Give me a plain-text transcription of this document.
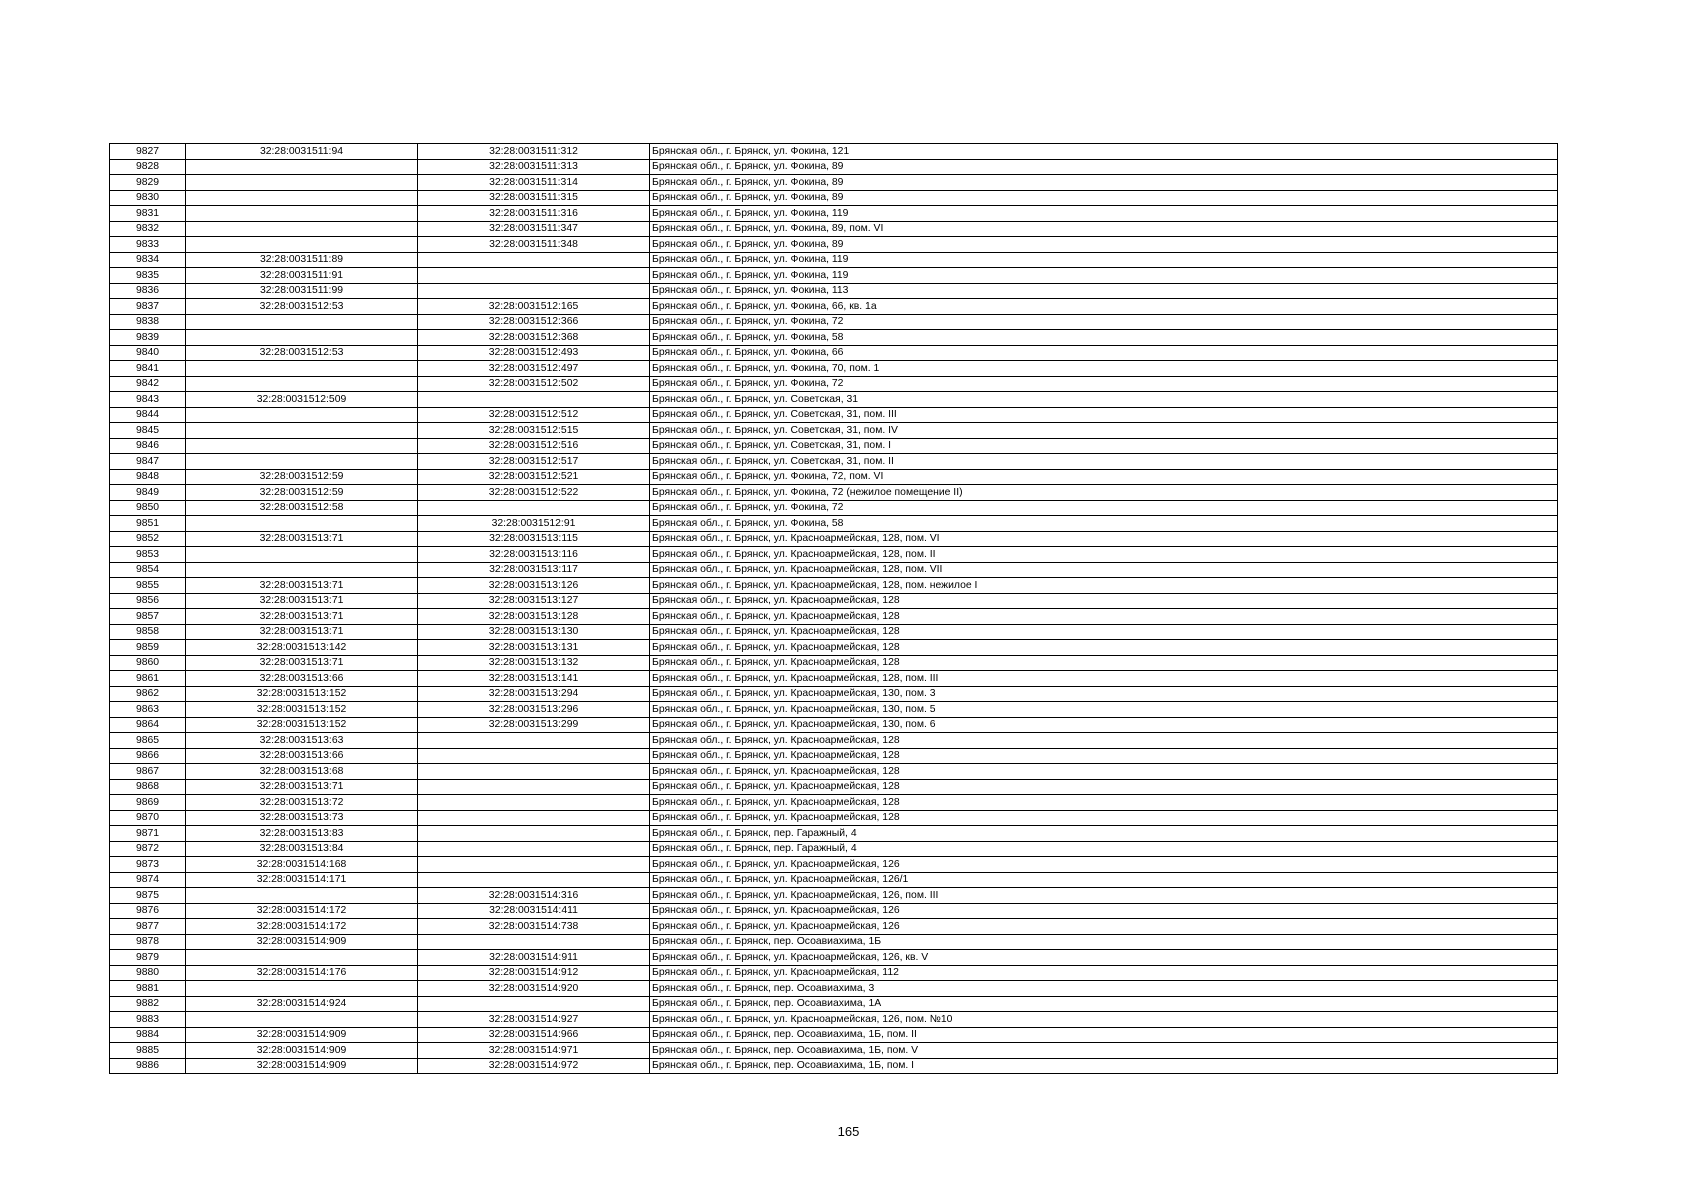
9827	32:28:0031511:94	32:28:0031511:312	Брянская обл., г. Брянск, ул. Фокина, 121
9828		32:28:0031511:313	Брянская обл., г. Брянск, ул. Фокина, 89
9829		32:28:0031511:314	Брянская обл., г. Брянск, ул. Фокина, 89
9830		32:28:0031511:315	Брянская обл., г. Брянск, ул. Фокина, 89
9831		32:28:0031511:316	Брянская обл., г. Брянск, ул. Фокина, 119
9832		32:28:0031511:347	Брянская обл., г. Брянск, ул. Фокина, 89, пом. VI
9833		32:28:0031511:348	Брянская обл., г. Брянск, ул. Фокина, 89
9834	32:28:0031511:89		Брянская обл., г. Брянск, ул. Фокина, 119
9835	32:28:0031511:91		Брянская обл., г. Брянск, ул. Фокина, 119
9836	32:28:0031511:99		Брянская обл., г. Брянск, ул. Фокина, 113
9837	32:28:0031512:53	32:28:0031512:165	Брянская обл., г. Брянск, ул. Фокина, 66, кв. 1а
9838		32:28:0031512:366	Брянская обл., г. Брянск, ул. Фокина, 72
9839		32:28:0031512:368	Брянская обл., г. Брянск, ул. Фокина, 58
9840	32:28:0031512:53	32:28:0031512:493	Брянская обл., г. Брянск, ул. Фокина, 66
9841		32:28:0031512:497	Брянская обл., г. Брянск, ул. Фокина, 70, пом. 1
9842		32:28:0031512:502	Брянская обл., г. Брянск, ул. Фокина, 72
9843	32:28:0031512:509		Брянская обл., г. Брянск, ул. Советская, 31
9844		32:28:0031512:512	Брянская обл., г. Брянск, ул. Советская, 31, пом. III
9845		32:28:0031512:515	Брянская обл., г. Брянск, ул. Советская, 31, пом. IV
9846		32:28:0031512:516	Брянская обл., г. Брянск, ул. Советская, 31, пом. I
9847		32:28:0031512:517	Брянская обл., г. Брянск, ул. Советская, 31, пом. II
9848	32:28:0031512:59	32:28:0031512:521	Брянская обл., г. Брянск, ул. Фокина, 72, пом. VI
9849	32:28:0031512:59	32:28:0031512:522	Брянская обл., г. Брянск, ул. Фокина, 72 (нежилое помещение II)
9850	32:28:0031512:58		Брянская обл., г. Брянск, ул. Фокина, 72
9851		32:28:0031512:91	Брянская обл., г. Брянск, ул. Фокина, 58
9852	32:28:0031513:71	32:28:0031513:115	Брянская обл., г. Брянск, ул. Красноармейская, 128, пом. VI
9853		32:28:0031513:116	Брянская обл., г. Брянск, ул. Красноармейская, 128, пом. II
9854		32:28:0031513:117	Брянская обл., г. Брянск, ул. Красноармейская, 128, пом. VII
9855	32:28:0031513:71	32:28:0031513:126	Брянская обл., г. Брянск, ул. Красноармейская, 128, пом. нежилое I
9856	32:28:0031513:71	32:28:0031513:127	Брянская обл., г. Брянск, ул. Красноармейская, 128
9857	32:28:0031513:71	32:28:0031513:128	Брянская обл., г. Брянск, ул. Красноармейская, 128
9858	32:28:0031513:71	32:28:0031513:130	Брянская обл., г. Брянск, ул. Красноармейская, 128
9859	32:28:0031513:142	32:28:0031513:131	Брянская обл., г. Брянск, ул. Красноармейская, 128
9860	32:28:0031513:71	32:28:0031513:132	Брянская обл., г. Брянск, ул. Красноармейская, 128
9861	32:28:0031513:66	32:28:0031513:141	Брянская обл., г. Брянск, ул. Красноармейская, 128, пом. III
9862	32:28:0031513:152	32:28:0031513:294	Брянская обл., г. Брянск, ул. Красноармейская, 130, пом. 3
9863	32:28:0031513:152	32:28:0031513:296	Брянская обл., г. Брянск, ул. Красноармейская, 130, пом. 5
9864	32:28:0031513:152	32:28:0031513:299	Брянская обл., г. Брянск, ул. Красноармейская, 130, пом. 6
9865	32:28:0031513:63		Брянская обл., г. Брянск, ул. Красноармейская, 128
9866	32:28:0031513:66		Брянская обл., г. Брянск, ул. Красноармейская, 128
9867	32:28:0031513:68		Брянская обл., г. Брянск, ул. Красноармейская, 128
9868	32:28:0031513:71		Брянская обл., г. Брянск, ул. Красноармейская, 128
9869	32:28:0031513:72		Брянская обл., г. Брянск, ул. Красноармейская, 128
9870	32:28:0031513:73		Брянская обл., г. Брянск, ул. Красноармейская, 128
9871	32:28:0031513:83		Брянская обл., г. Брянск, пер. Гаражный, 4
9872	32:28:0031513:84		Брянская обл., г. Брянск, пер. Гаражный, 4
9873	32:28:0031514:168		Брянская обл., г. Брянск, ул. Красноармейская, 126
9874	32:28:0031514:171		Брянская обл., г. Брянск, ул. Красноармейская, 126/1
9875		32:28:0031514:316	Брянская обл., г. Брянск, ул. Красноармейская, 126, пом. III
9876	32:28:0031514:172	32:28:0031514:411	Брянская обл., г. Брянск, ул. Красноармейская, 126
9877	32:28:0031514:172	32:28:0031514:738	Брянская обл., г. Брянск, ул. Красноармейская, 126
9878	32:28:0031514:909		Брянская обл., г. Брянск, пер. Осоавиахима, 1Б
9879		32:28:0031514:911	Брянская обл., г. Брянск, ул. Красноармейская, 126, кв. V
9880	32:28:0031514:176	32:28:0031514:912	Брянская обл., г. Брянск, ул. Красноармейская, 112
9881		32:28:0031514:920	Брянская обл., г. Брянск, пер. Осоавиахима, 3
9882	32:28:0031514:924		Брянская обл., г. Брянск, пер. Осоавиахима, 1А
9883		32:28:0031514:927	Брянская обл., г. Брянск, ул. Красноармейская, 126, пом. №10
9884	32:28:0031514:909	32:28:0031514:966	Брянская обл., г. Брянск, пер. Осоавиахима, 1Б, пом. II
9885	32:28:0031514:909	32:28:0031514:971	Брянская обл., г. Брянск, пер. Осоавиахима, 1Б, пом. V
9886	32:28:0031514:909	32:28:0031514:972	Брянская обл., г. Брянск, пер. Осоавиахима, 1Б, пом. I
165
